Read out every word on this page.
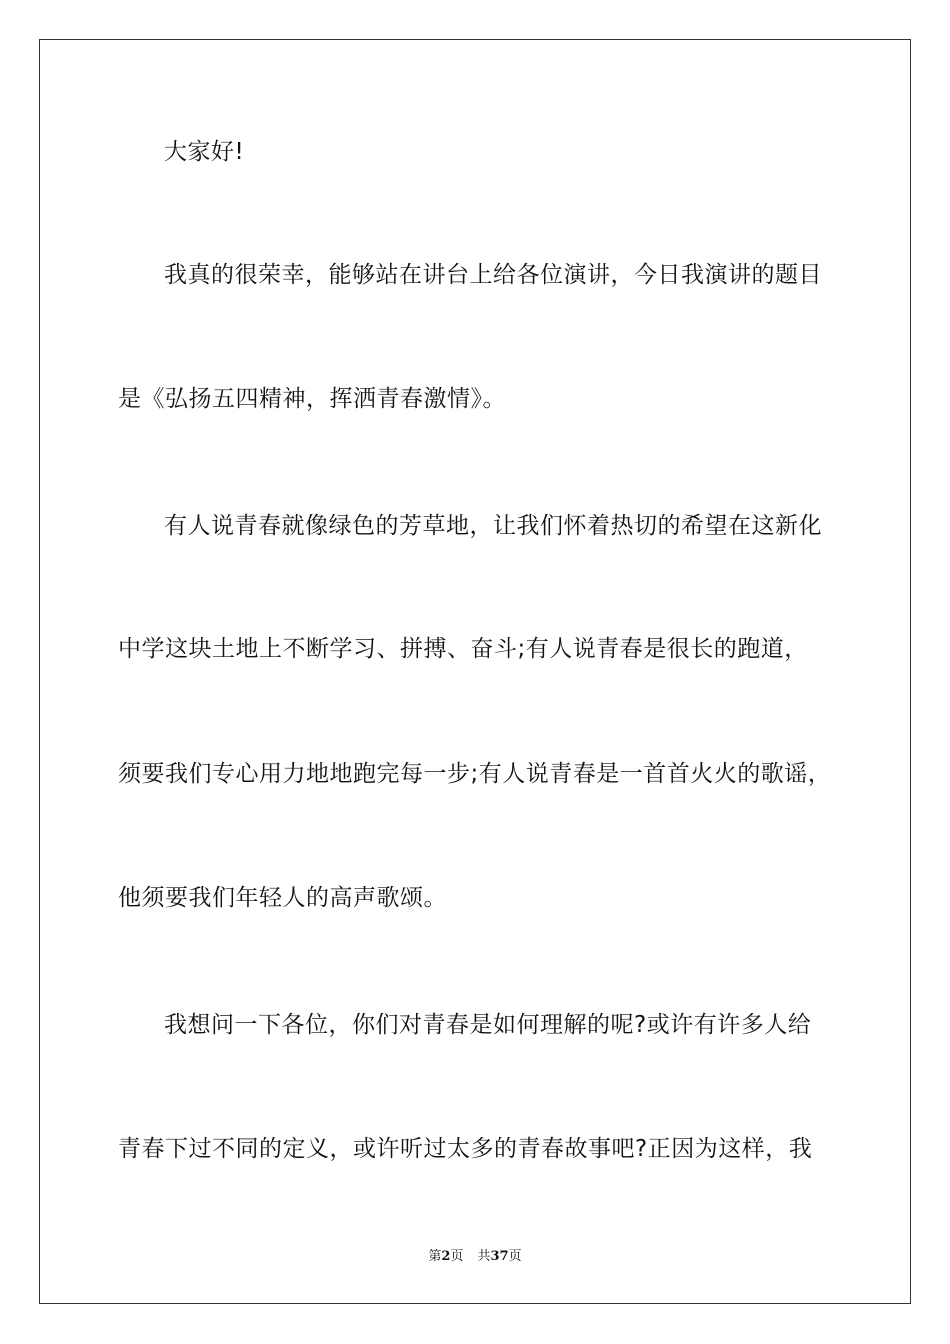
大家好!
我真的很荣幸，能够站在讲台上给各位演讲，今日我演讲的题目
是《弘扬五四精神，挥洒青春激情》。
有人说青春就像绿色的芳草地，让我们怀着热切的希望在这新化
中学这块土地上不断学习、拼搏、奋斗;有人说青春是很长的跑道，
须要我们专心用力地地跑完每一步;有人说青春是一首首火火的歌谣，
他须要我们年轻人的高声歌颂。
我想问一下各位，你们对青春是如何理解的呢?或许有许多人给
青春下过不同的定义，或许听过太多的青春故事吧?正因为这样，我
第2页 共37页
